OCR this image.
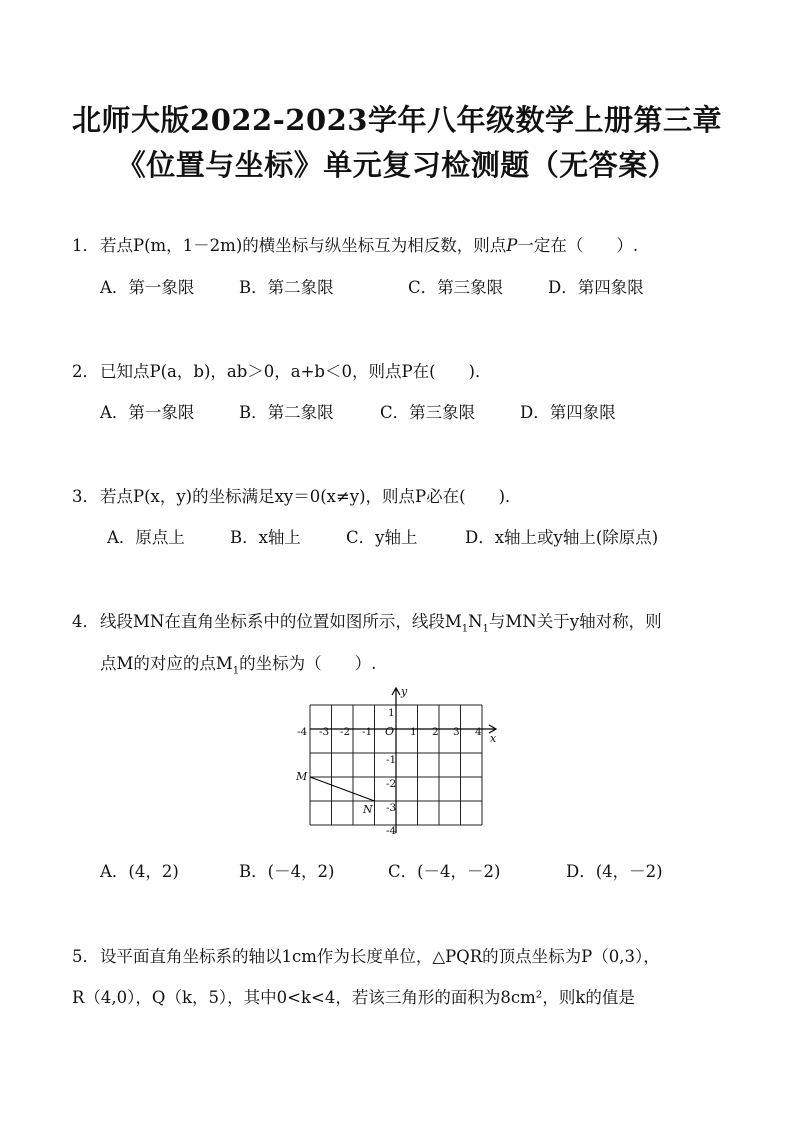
北师大版2022-2023学年八年级数学上册第三章
《位置与坐标》单元复习检测题（无答案）
1．若点P(m，1－2m)的横坐标与纵坐标互为相反数，则点P一定在（　　）.
A．第一象限	B．第二象限	C．第三象限	D．第四象限
2．已知点P(a，b)，ab＞0，a+b＜0，则点P在(　　)．
A．第一象限	B．第二象限	C．第三象限	D．第四象限
3．若点P(x，y)的坐标满足xy＝0(x≠y)，则点P必在(　　)．
A．原点上	B．x轴上	C．y轴上	D．x轴上或y轴上(除原点)
4．线段MN在直角坐标系中的位置如图所示，线段$M_1N_1$与MN关于y轴对称，则
点M的对应的点$M_1$的坐标为（　　）.
-4 -3 -2 -1	1 2 3 4
1
-1
-2
-3
-4
x
y
O
M
N
A．(4，2)	B．(－4，2)	C．(－4，－2)	D．(4，－2)
5．设平面直角坐标系的轴以1cm作为长度单位，△PQR的顶点坐标为P（0,3），
R（4,0），Q（k，5），其中0<k<4，若该三角形的面积为8cm²，则k的值是
